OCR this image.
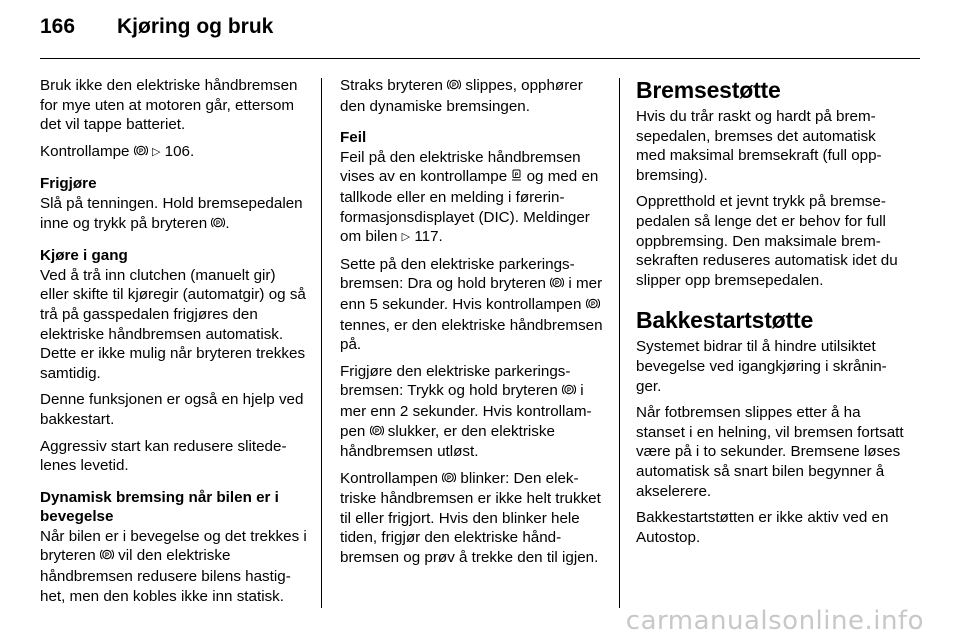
166	Kjøring og bruk

Bruk ikke den elektriske håndbremsen for mye uten at motoren går, ettersom det vil tappe batteriet.

Kontrollampe P ▷ 106.

Frigjøre

Slå på tenningen. Hold bremsepedalen inne og trykk på bryteren P .

Kjøre i gang

Ved å trå inn clutchen (manuelt gir) eller skifte til kjøregir (automatgir) og så trå på gasspedalen frigjøres den elektriske håndbremsen automatisk. Dette er ikke mulig når bryteren trekkes samtidig.

Denne funksjonen er også en hjelp ved bakkestart.

Aggressiv start kan redusere slitedelenes levetid.

Dynamisk bremsing når bilen er i bevegelse

Når bilen er i bevegelse og det trekkes i bryteren P vil den elektriske håndbremsen redusere bilens hastighet, men den kobles ikke inn statisk.

Straks bryteren P slippes, opphører den dynamiske bremsingen.

Feil

Feil på den elektriske håndbremsen vises av en kontrollampe P og med en tallkode eller en melding i førerinformasjonsdisplayet (DIC). Meldinger om bilen ▷ 117.

Sette på den elektriske parkeringsbremsen: Dra og hold bryteren P i mer enn 5 sekunder. Hvis kontrollampen P
tennes, er den elektriske håndbremsen på.

Frigjøre den elektriske parkeringsbremsen: Trykk og hold bryteren P i mer enn 2 sekunder. Hvis kontrollampen P slukker, er den elektriske håndbremsen utløst.

Kontrollampen P blinker: Den elektriske håndbremsen er ikke helt trukket til eller frigjort. Hvis den blinker hele tiden, frigjør den elektriske håndbremsen og prøv å trekke den til igjen.

Bremsestøtte

Hvis du trår raskt og hardt på bremsepedalen, bremses det automatisk med maksimal bremsekraft (full oppbremsing).

Oppretthold et jevnt trykk på bremsepedalen så lenge det er behov for full oppbremsing. Den maksimale bremsekraften reduseres automatisk idet du slipper opp bremsepedalen.

Bakkestartstøtte

Systemet bidrar til å hindre utilsiktet bevegelse ved igangkjøring i skråninger.

Når fotbremsen slippes etter å ha stanset i en helning, vil bremsen fortsatt være på i to sekunder. Bremsene løses automatisk så snart bilen begynner å akselerere.

Bakkestartstøtten er ikke aktiv ved en Autostop.

carmanualsonline.info
